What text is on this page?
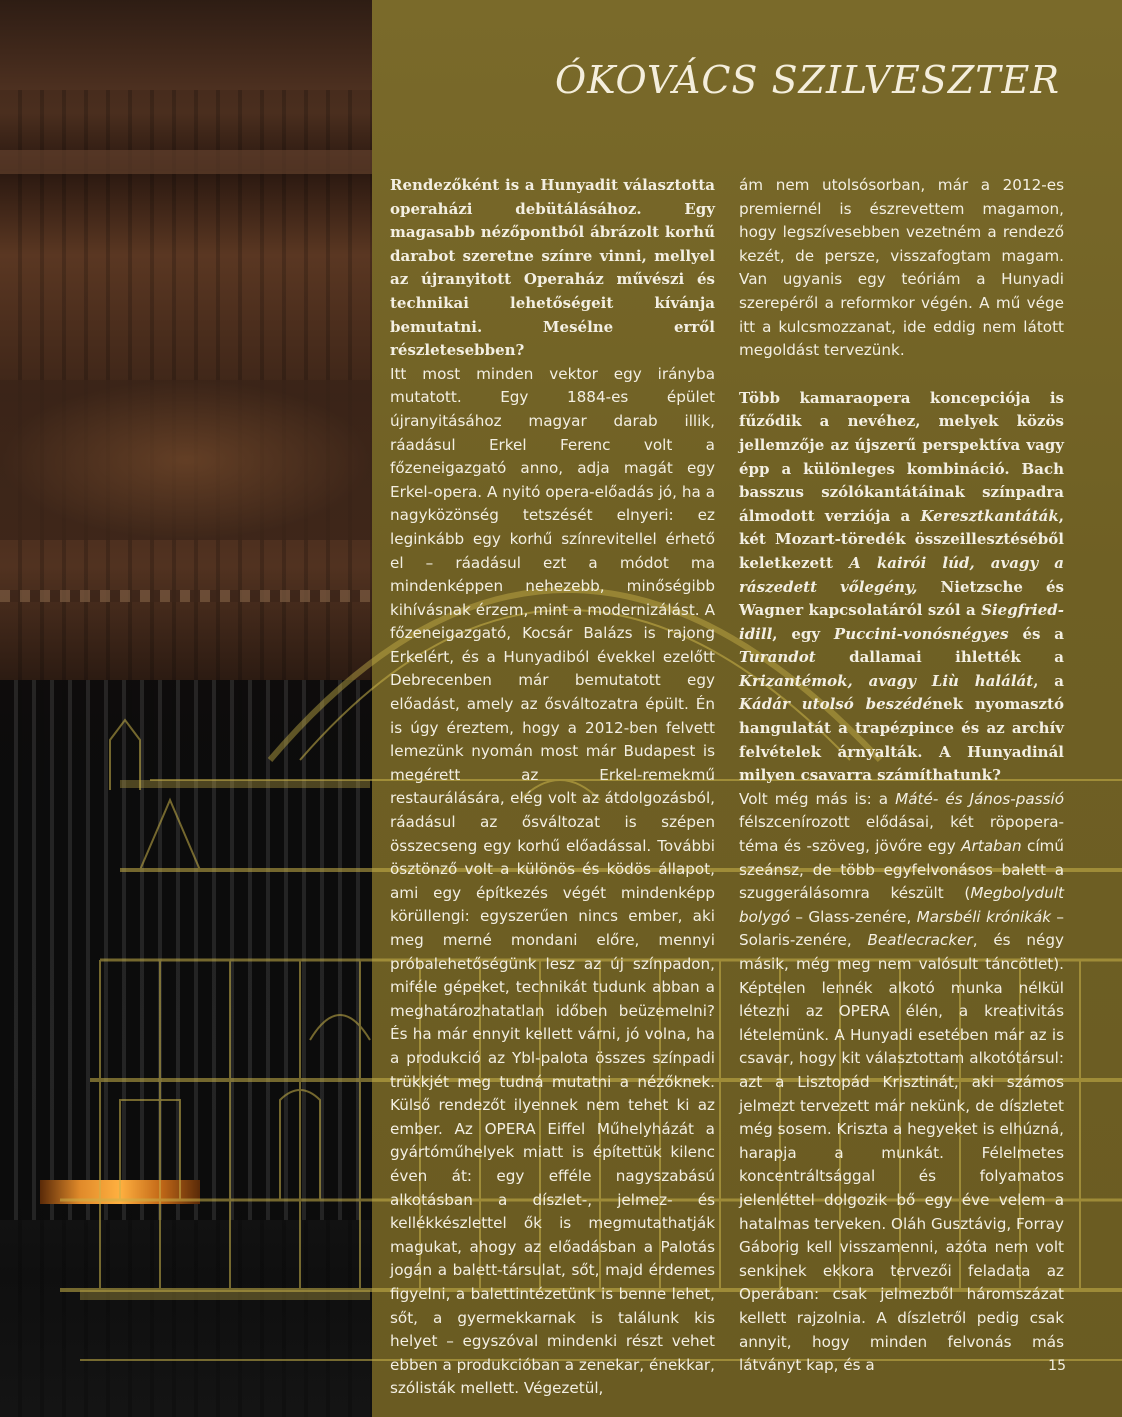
ÓKOVÁCS SZILVESZTER

Rendezőként is a Hunyadit választotta operaházi debütálásához. Egy magasabb nézőpontból ábrázolt korhű darabot szeretne színre vinni, mellyel az újranyitott Operaház művészi és technikai lehetőségeit kívánja bemutatni. Mesélne erről részletesebben?

Itt most minden vektor egy irányba mutatott. Egy 1884-es épület újranyitásához magyar darab illik, ráadásul Erkel Ferenc volt a főzeneigazgató anno, adja magát egy Erkel-opera. A nyitó opera-előadás jó, ha a nagyközönség tetszését elnyeri: ez leginkább egy korhű színrevitellel érhető el – ráadásul ezt a módot ma mindenképpen nehezebb, minőségibb kihívásnak érzem, mint a modernizálást. A főzeneigazgató, Kocsár Balázs is rajong Erkelért, és a Hunyadiból évekkel ezelőtt Debrecenben már bemutatott egy előadást, amely az ősváltozatra épült. Én is úgy éreztem, hogy a 2012-ben felvett lemezünk nyomán most már Budapest is megérett az Erkel-remekmű restaurálására, elég volt az átdolgozásból, ráadásul az ősváltozat is szépen összecseng egy korhű előadással. További ösztönző volt a különös és ködös állapot, ami egy építkezés végét mindenképp körüllengi: egyszerűen nincs ember, aki meg merné mondani előre, mennyi próbalehetőségünk lesz az új színpadon, miféle gépeket, technikát tudunk abban a meghatározhatatlan időben beüzemelni? És ha már ennyit kellett várni, jó volna, ha a produkció az Ybl-palota összes színpadi trükkjét meg tudná mutatni a nézőknek. Külső rendezőt ilyennek nem tehet ki az ember. Az OPERA Eiffel Műhelyházát a gyártóműhelyek miatt is építettük kilenc éven át: egy efféle nagyszabású alkotásban a díszlet-, jelmez- és kellékkészlettel ők is megmutathatják magukat, ahogy az előadásban a Palotás jogán a balett-társulat, sőt, majd érdemes figyelni, a balettintézetünk is benne lehet, sőt, a gyermekkarnak is találunk kis helyet – egyszóval mindenki részt vehet ebben a produkcióban a zenekar, énekkar, szólisták mellett. Végezetül,

ám nem utolsósorban, már a 2012-es premiernél is észrevettem magamon, hogy legszívesebben vezetném a rendező kezét, de persze, visszafogtam magam. Van ugyanis egy teóriám a Hunyadi szerepéről a reformkor végén. A mű vége itt a kulcsmozzanat, ide eddig nem látott megoldást tervezünk.

Több kamaraopera koncepciója is fűződik a nevéhez, melyek közös jellemzője az újszerű perspektíva vagy épp a különleges kombináció. Bach basszus szólókantátáinak színpadra álmodott verziója a Keresztkantáták, két Mozart-töredék összeillesztéséből keletkezett A kairói lúd, avagy a rászedett vőlegény, Nietzsche és Wagner kapcsolatáról szól a Siegfried-idill, egy Puccini-vonósnégyes és a Turandot dallamai ihlették a Krizantémok, avagy Liù halálát, a Kádár utolsó beszédének nyomasztó hangulatát a trapézpince és az archív felvételek árnyalták. A Hunyadinál milyen csavarra számíthatunk?

Volt még más is: a Máté- és János-passió félszcenírozott elődásai, két röpopera-téma és -szöveg, jövőre egy Artaban című szeánsz, de több egyfelvonásos balett a szuggerálásomra készült (Megbolydult bolygó – Glass-zenére, Marsbéli krónikák – Solaris-zenére, Beatlecracker, és négy másik, még meg nem valósult táncötlet). Képtelen lennék alkotó munka nélkül létezni az OPERA élén, a kreativitás lételemünk. A Hunyadi esetében már az is csavar, hogy kit választottam alkotótársul: azt a Lisztopád Krisztinát, aki számos jelmezt tervezett már nekünk, de díszletet még sosem. Kriszta a hegyeket is elhúzná, harapja a munkát. Félelmetes koncentráltsággal és folyamatos jelenléttel dolgozik bő egy éve velem a hatalmas terveken. Oláh Gusztávig, Forray Gáborig kell visszamenni, azóta nem volt senkinek ekkora tervezői feladata az Operában: csak jelmezből háromszázat kellett rajzolnia. A díszletről pedig csak annyit, hogy minden felvonás más látványt kap, és a	15
